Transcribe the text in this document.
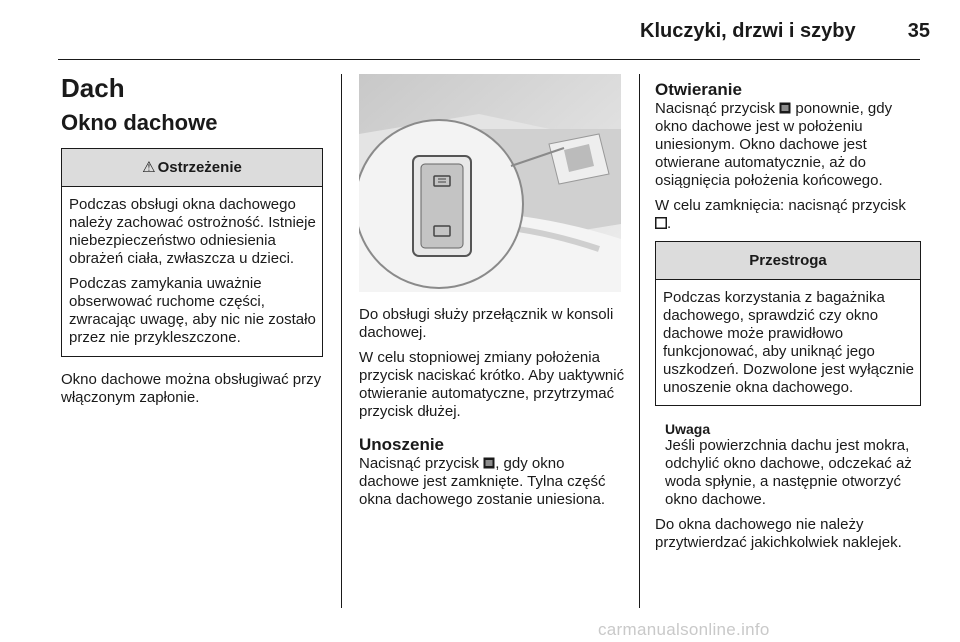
Kluczyki, drzwi i szyby	35
Dach
Okno dachowe
⚠ Ostrzeżenie

Podczas obsługi okna dachowego należy zachować ostrożność. Istnieje niebezpieczeństwo odniesienia obrażeń ciała, zwłaszcza u dzieci.

Podczas zamykania uważnie obserwować ruchome części, zwracając uwagę, aby nic nie zostało przez nie przykleszczone.

Okno dachowe można obsługiwać przy włączonym zapłonie.

Do obsługi służy przełącznik w konsoli dachowej.

W celu stopniowej zmiany położenia przycisk naciskać krótko. Aby uaktywnić otwieranie automatyczne, przytrzymać przycisk dłużej.

Unoszenie

Nacisnąć przycisk , gdy okno dachowe jest zamknięte. Tylna część okna dachowego zostanie uniesiona.

Otwieranie

Nacisnąć przycisk  ponownie, gdy okno dachowe jest w położeniu uniesionym. Okno dachowe jest otwierane automatycznie, aż do osiągnięcia położenia końcowego.

W celu zamknięcia: nacisnąć przycisk .

Przestroga

Podczas korzystania z bagażnika dachowego, sprawdzić czy okno dachowe może prawidłowo funkcjonować, aby uniknąć jego uszkodzeń. Dozwolone jest wyłącznie unoszenie okna dachowego.

Uwaga

Jeśli powierzchnia dachu jest mokra, odchylić okno dachowe, odczekać aż woda spłynie, a następnie otworzyć okno dachowe.

Do okna dachowego nie należy przytwierdzać jakichkolwiek naklejek.

carmanualsonline.info
